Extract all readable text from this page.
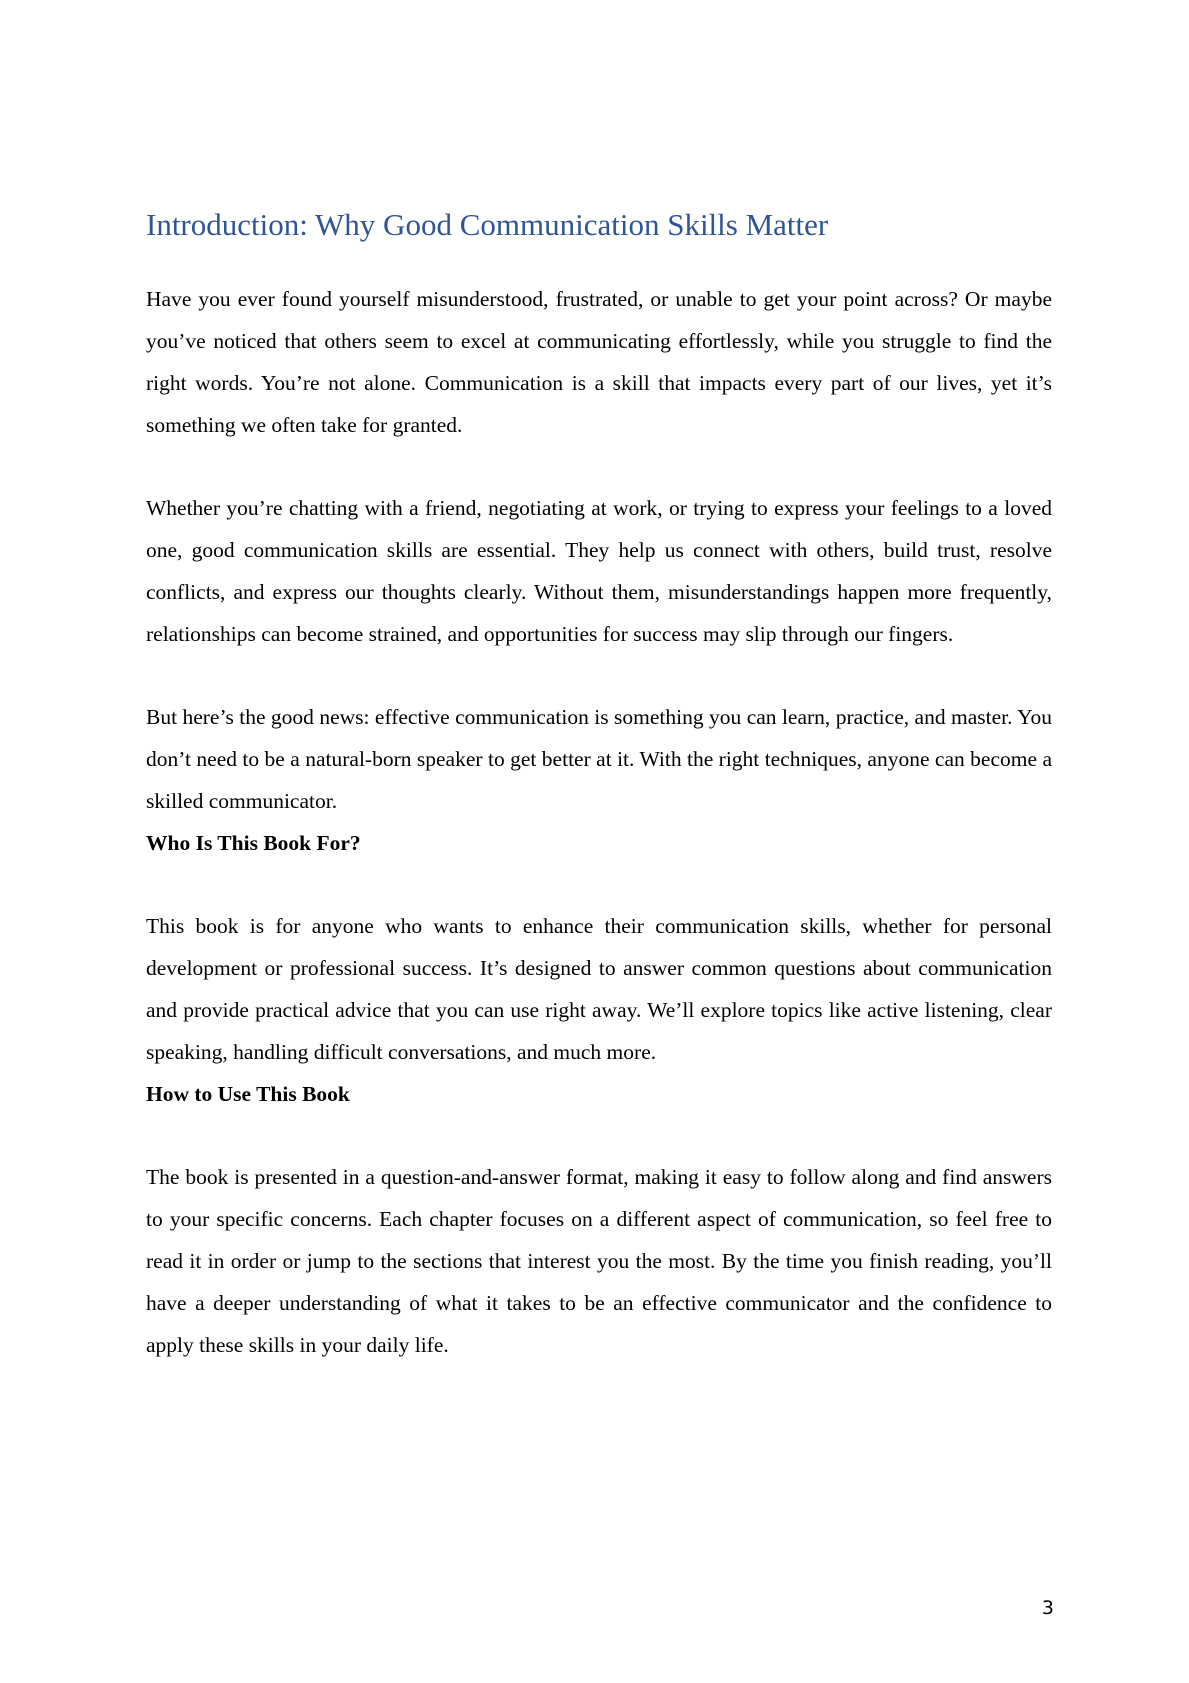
Introduction: Why Good Communication Skills Matter

Have you ever found yourself misunderstood, frustrated, or unable to get your point across? Or maybe you’ve noticed that others seem to excel at communicating effortlessly, while you struggle to find the right words. You’re not alone. Communication is a skill that impacts every part of our lives, yet it’s something we often take for granted.

Whether you’re chatting with a friend, negotiating at work, or trying to express your feelings to a loved one, good communication skills are essential. They help us connect with others, build trust, resolve conflicts, and express our thoughts clearly. Without them, misunderstandings happen more frequently, relationships can become strained, and opportunities for success may slip through our fingers.

But here’s the good news: effective communication is something you can learn, practice, and master. You don’t need to be a natural-born speaker to get better at it. With the right techniques, anyone can become a skilled communicator.

Who Is This Book For?

This book is for anyone who wants to enhance their communication skills, whether for personal development or professional success. It’s designed to answer common questions about communication and provide practical advice that you can use right away. We’ll explore topics like active listening, clear speaking, handling difficult conversations, and much more.

How to Use This Book

The book is presented in a question-and-answer format, making it easy to follow along and find answers to your specific concerns. Each chapter focuses on a different aspect of communication, so feel free to read it in order or jump to the sections that interest you the most. By the time you finish reading, you’ll have a deeper understanding of what it takes to be an effective communicator and the confidence to apply these skills in your daily life.

3
